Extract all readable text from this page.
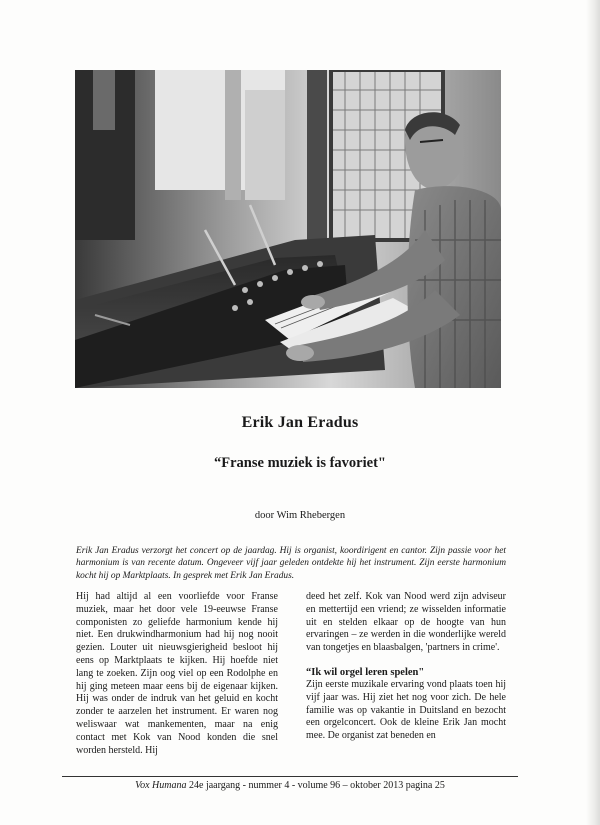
Erik Jan Eradus
“Franse muziek is favoriet"
door Wim Rhebergen
Erik Jan Eradus verzorgt het concert op de jaardag. Hij is organist, koordirigent en cantor. Zijn passie voor het harmonium is van recente datum. Ongeveer vijf jaar geleden ontdekte hij het instrument. Zijn eerste harmonium kocht hij op Marktplaats. In gesprek met Erik Jan Eradus.

Hij had altijd al een voorliefde voor Franse muziek, maar het door vele 19-eeuwse Franse componisten zo geliefde harmonium kende hij niet. Een drukwindharmonium had hij nog nooit gezien. Louter uit nieuwsgierigheid besloot hij eens op Marktplaats te kijken. Hij hoefde niet lang te zoeken. Zijn oog viel op een Rodolphe en hij ging meteen maar eens bij de eigenaar kijken. Hij was onder de indruk van het geluid en kocht zonder te aarzelen het instrument. Er waren nog weliswaar wat mankementen, maar na enig contact met Kok van Nood konden die snel worden hersteld. Hij

deed het zelf. Kok van Nood werd zijn adviseur en mettertijd een vriend; ze wisselden informatie uit en stelden elkaar op de hoogte van hun ervaringen – ze werden in die wonderlijke wereld van tongetjes en blaasbalgen, 'partners in crime'.

“Ik wil orgel leren spelen"

Zijn eerste muzikale ervaring vond plaats toen hij vijf jaar was. Hij ziet het nog voor zich. De hele familie was op vakantie in Duitsland en bezocht een orgelconcert. Ook de kleine Erik Jan mocht mee. De organist zat beneden en

Vox Humana 24e jaargang - nummer 4 - volume 96 – oktober 2013 pagina 25
